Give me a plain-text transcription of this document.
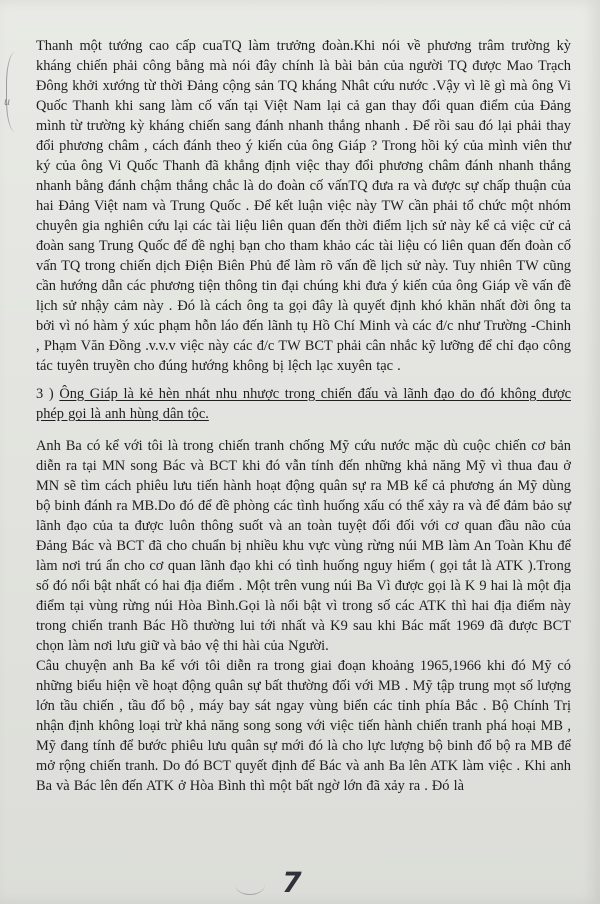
u

Thanh một tướng cao cấp cuaTQ làm trưởng đoàn.Khi nói về phương trâm trường kỳ kháng chiến phải công bằng mà nói đây chính là bài bản của người TQ được Mao Trạch Đông khởi xướng từ thời Đảng cộng sản TQ kháng Nhât cứu nước .Vậy vì lẽ gì mà ông Vi Quốc Thanh khi sang làm cố vấn tại Việt Nam lại cả gan thay đổi quan điểm của Đảng mình từ trường kỳ kháng chiến sang đánh nhanh thắng nhanh . Để rồi sau đó lại phải thay đổi phương châm , cách đánh theo ý kiến của ông Giáp ? Trong hồi ký của mình viên thư ký của ông Vi Quốc Thanh đã khẳng định việc thay đổi phương châm đánh nhanh thắng nhanh bằng đánh chậm thắng chắc là do đoàn cố vấnTQ đưa ra và được sự chấp thuận của hai Đảng Việt nam và Trung Quốc . Để kết luận việc này TW cần phải tổ chức một nhóm chuyên gia nghiên cứu lại các tài liệu liên quan đến thời điểm lịch sử này kể cả việc cử cả đoàn sang Trung Quốc để đề nghị bạn cho tham khảo các tài liệu có liên quan đến đoàn cố vấn TQ trong chiến dịch Điện Biên Phủ để làm rõ vấn đề lịch sử này. Tuy nhiên TW cũng cần hướng dẫn các phương tiện thông tin đại chúng khi đưa ý kiến của ông Giáp về vấn đề lịch sử nhậy cảm này . Đó là cách ông ta gọi đây là quyết định khó khăn nhất đời ông ta bởi vì nó hàm ý xúc phạm hỗn láo đến lãnh tụ Hồ Chí Minh và các đ/c như Trường -Chinh , Phạm Văn Đồng .v.v.v việc này các đ/c TW BCT phải cân nhắc kỹ lưỡng để chỉ đạo công tác tuyên truyền cho đúng hướng không bị lệch lạc xuyên tạc .

3 ) Ông Giáp là kẻ hèn nhát nhu nhược trong chiến đấu và lãnh đạo do đó không được phép gọi là anh hùng dân tộc.

Anh Ba có kể với tôi là trong chiến tranh chống Mỹ cứu nước mặc dù cuộc chiến cơ bản diễn ra tại MN song Bác và BCT khi đó vẫn tính đến những khả năng Mỹ vì thua đau ở MN sẽ tìm cách phiêu lưu tiến hành hoạt động quân sự ra MB kể cả phương án Mỹ dùng bộ binh đánh ra MB.Do đó để đề phòng các tình huống xấu có thể xảy ra và để đảm bảo sự lãnh đạo của ta được luôn thông suốt và an toàn tuyệt đối đối với cơ quan đầu não của Đảng Bác và BCT đã cho chuẩn bị nhiều khu vực vùng rừng núi MB làm An Toàn Khu để làm nơi trú ẩn cho cơ quan lãnh đạo khi có tình huống nguy hiểm ( gọi tắt là ATK ).Trong số đó nổi bật nhất có hai địa điểm . Một trên vung núi Ba Vì được gọi là K 9 hai là một địa điểm tại vùng rừng núi Hòa Bình.Gọi là nổi bật vì trong số các ATK thì hai địa điểm này trong chiến tranh Bác Hồ thường lui tới nhất và K9 sau khi Bác mất 1969 đã được BCT chọn làm nơi lưu giữ và bảo vệ thi hài của Người.

Câu chuyện anh Ba kể với tôi diễn ra trong giai đoạn khoảng 1965,1966 khi đó Mỹ có những biểu hiện về hoạt động quân sự bất thường đối với MB . Mỹ tập trung mọt số lượng lớn tầu chiến , tầu đổ bộ , máy bay sát ngay vùng biển các tỉnh phía Bắc . Bộ Chính Trị nhận định không loại trừ khả năng song song với việc tiến hành chiến tranh phá hoại MB , Mỹ đang tính để bước phiêu lưu quân sự mới đó là cho lực lượng bộ binh đổ bộ ra MB để mở rộng chiến tranh. Do đó BCT quyết định để Bác và anh Ba lên ATK làm việc . Khi anh Ba và Bác lên đến ATK ở Hòa Bình thì một bất ngờ lớn đã xảy ra . Đó là

7
